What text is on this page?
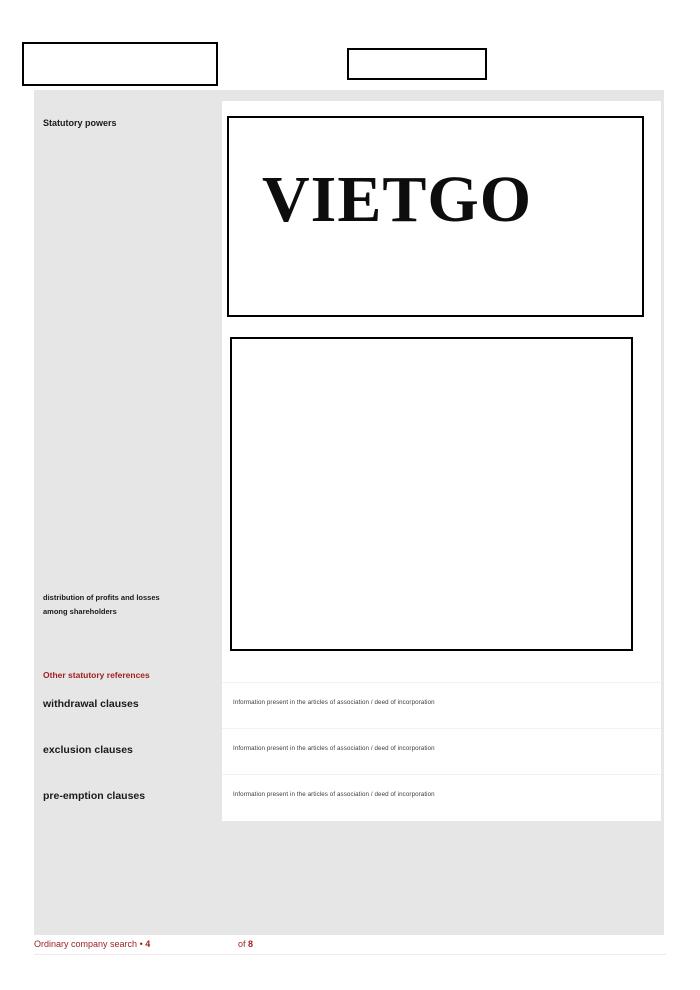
Statutory powers
distribution of profits and losses
among shareholders
Other statutory references
withdrawal clauses
exclusion clauses
pre-emption clauses
VIETGO
Information present in the articles of association / deed of incorporation
Information present in the articles of association / deed of incorporation
Information present in the articles of association / deed of incorporation
Ordinary company search • 4	of 8
